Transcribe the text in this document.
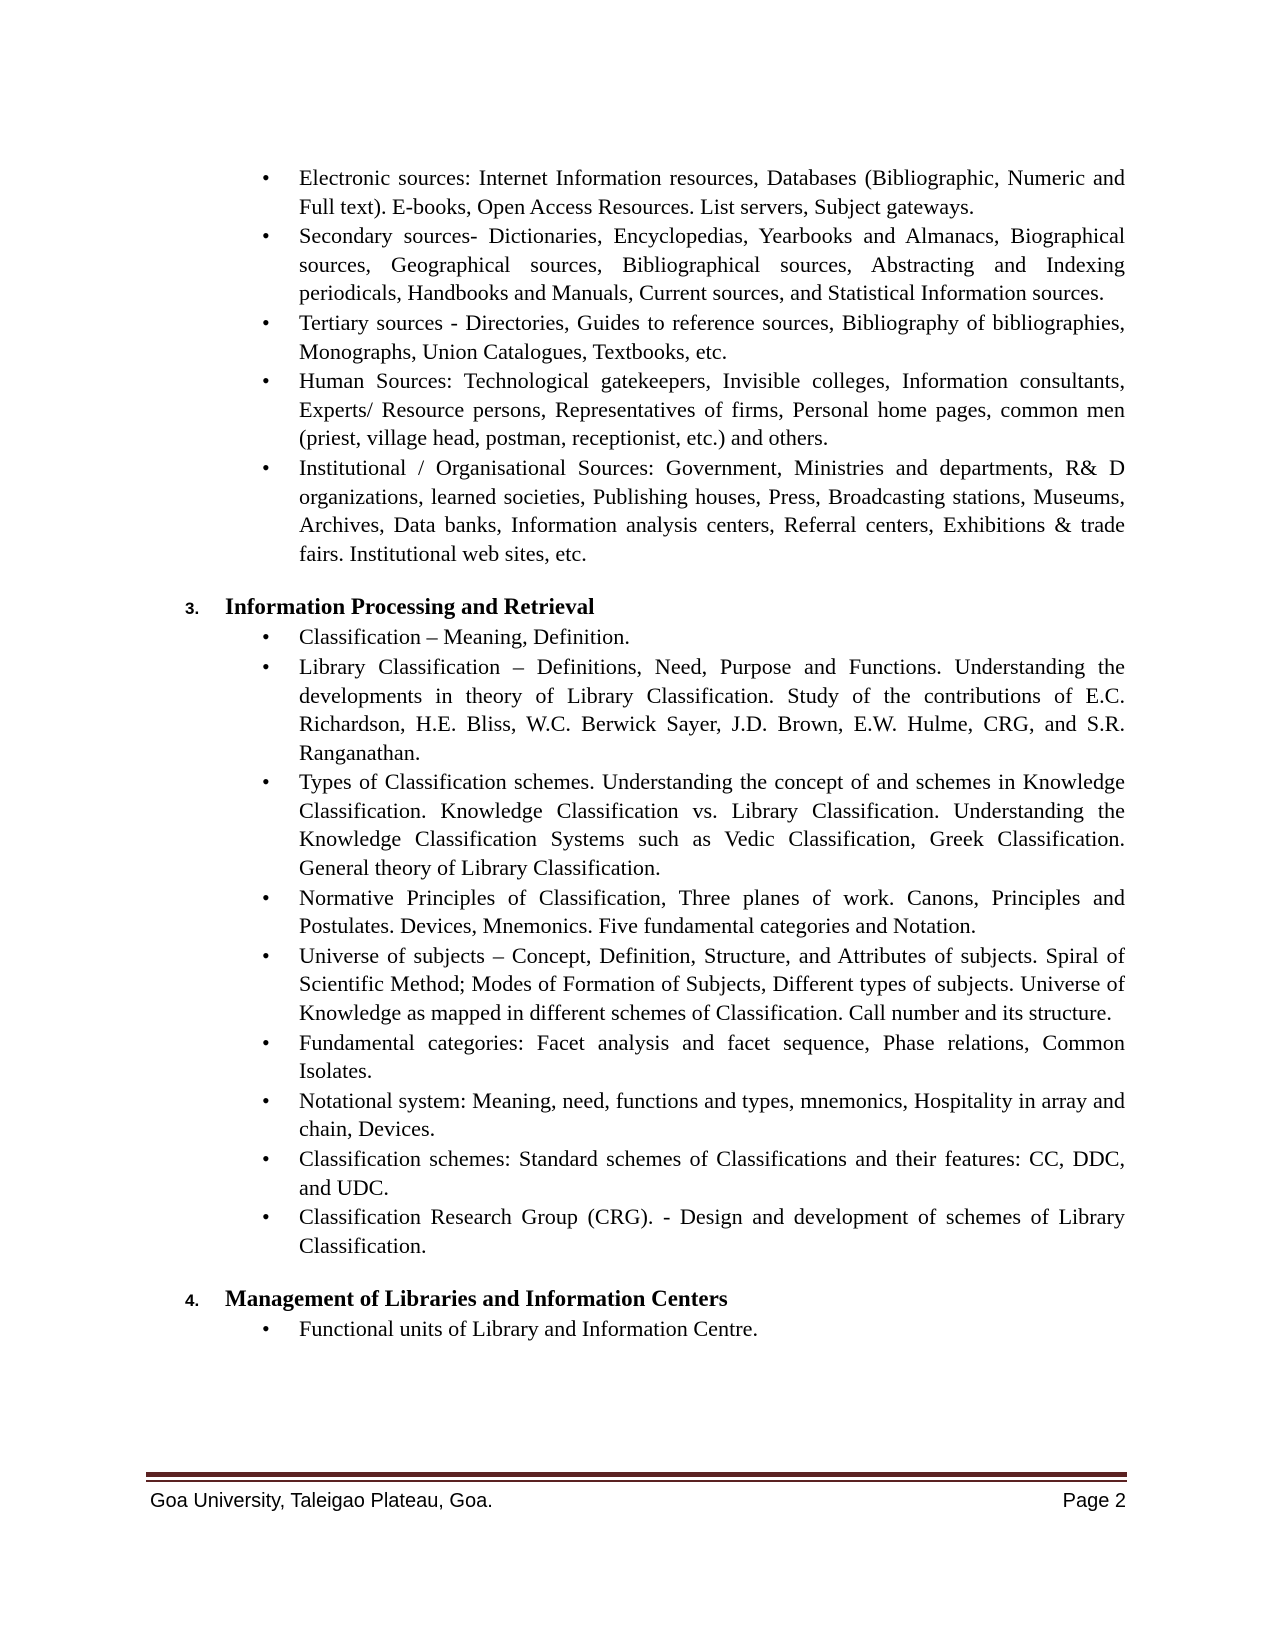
• Electronic sources: Internet Information resources, Databases (Bibliographic, Numeric and Full text). E-books, Open Access Resources. List servers, Subject gateways.
• Secondary sources- Dictionaries, Encyclopedias, Yearbooks and Almanacs, Biographical sources, Geographical sources, Bibliographical sources, Abstracting and Indexing periodicals, Handbooks and Manuals, Current sources, and Statistical Information sources.
• Tertiary sources - Directories, Guides to reference sources, Bibliography of bibliographies, Monographs, Union Catalogues, Textbooks, etc.
• Human Sources: Technological gatekeepers, Invisible colleges, Information consultants, Experts/ Resource persons, Representatives of firms, Personal home pages, common men (priest, village head, postman, receptionist, etc.) and others.
• Institutional / Organisational Sources: Government, Ministries and departments, R& D organizations, learned societies, Publishing houses, Press, Broadcasting stations, Museums, Archives, Data banks, Information analysis centers, Referral centers, Exhibitions & trade fairs. Institutional web sites, etc.
3.	Information Processing and Retrieval
• Classification – Meaning, Definition.
• Library Classification – Definitions, Need, Purpose and Functions. Understanding the developments in theory of Library Classification. Study of the contributions of E.C. Richardson, H.E. Bliss, W.C. Berwick Sayer, J.D. Brown, E.W. Hulme, CRG, and S.R. Ranganathan.
• Types of Classification schemes. Understanding the concept of and schemes in Knowledge Classification. Knowledge Classification vs. Library Classification. Understanding the Knowledge Classification Systems such as Vedic Classification, Greek Classification. General theory of Library Classification.
• Normative Principles of Classification, Three planes of work. Canons, Principles and Postulates. Devices, Mnemonics. Five fundamental categories and Notation.
• Universe of subjects – Concept, Definition, Structure, and Attributes of subjects. Spiral of Scientific Method; Modes of Formation of Subjects, Different types of subjects. Universe of Knowledge as mapped in different schemes of Classification. Call number and its structure.
• Fundamental categories: Facet analysis and facet sequence, Phase relations, Common Isolates.
• Notational system: Meaning, need, functions and types, mnemonics, Hospitality in array and chain, Devices.
• Classification schemes: Standard schemes of Classifications and their features: CC, DDC, and UDC.
• Classification Research Group (CRG). - Design and development of schemes of Library Classification.
4.	Management of Libraries and Information Centers
• Functional units of Library and Information Centre.
Goa University, Taleigao Plateau, Goa.	Page 2
